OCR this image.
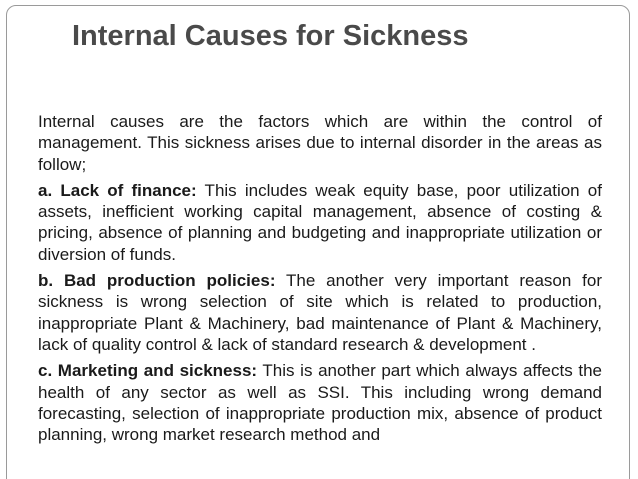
Internal Causes for Sickness

Internal causes are the factors which are within the control of management. This sickness arises due to internal disorder in the areas as follow;

a. Lack of finance: This includes weak equity base, poor utilization of assets, inefficient working capital management, absence of costing & pricing, absence of planning and budgeting and inappropriate utilization or diversion of funds.

b. Bad production policies: The another very important reason for sickness is wrong selection of site which is related to production, inappropriate Plant & Machinery, bad maintenance of Plant & Machinery, lack of quality control & lack of standard research & development .

c. Marketing and sickness: This is another part which always affects the health of any sector as well as SSI. This including wrong demand forecasting, selection of inappropriate production mix, absence of product planning, wrong market research method and
